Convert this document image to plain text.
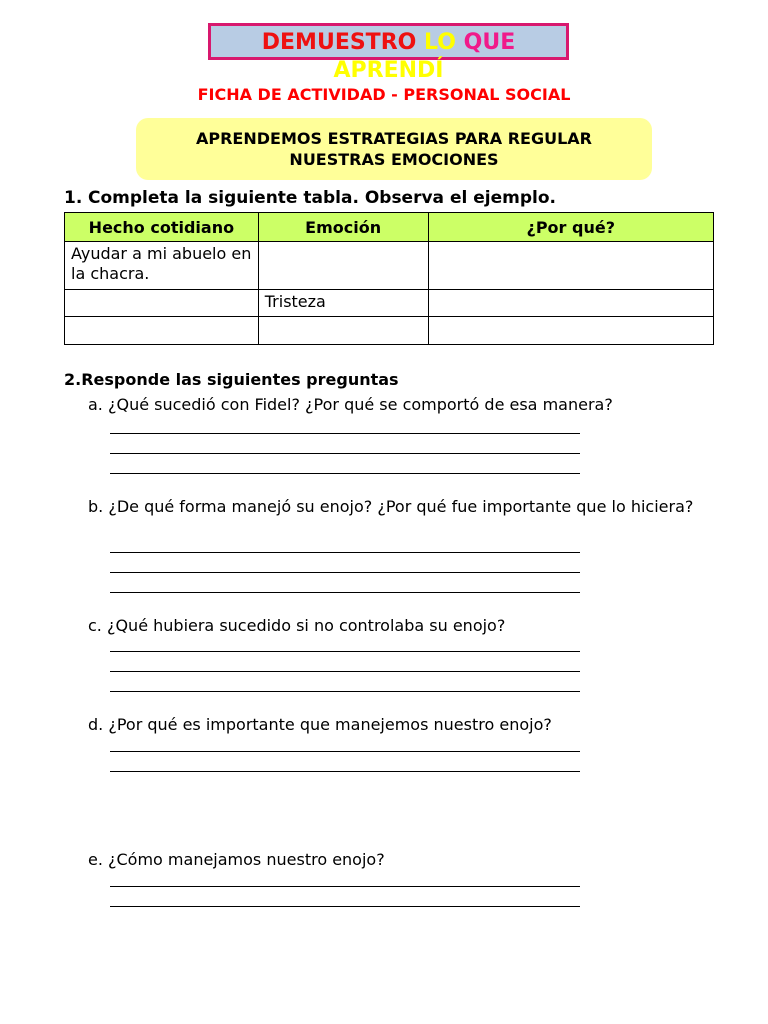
DEMUESTRO LO QUE
APRENDÍ
FICHA DE ACTIVIDAD - PERSONAL SOCIAL
APRENDEMOS ESTRATEGIAS PARA REGULAR
NUESTRAS EMOCIONES
1. Completa la siguiente tabla. Observa el ejemplo.
Hecho cotidiano	Emoción	¿Por qué?
Ayudar a mi abuelo en la chacra.		
	Tristeza	

2.Responde las siguientes preguntas
a. ¿Qué sucedió con Fidel? ¿Por qué se comportó de esa manera?
b. ¿De qué forma manejó su enojo? ¿Por qué fue importante que lo hiciera?
c. ¿Qué hubiera sucedido si no controlaba su enojo?
d. ¿Por qué es importante que manejemos nuestro enojo?
e. ¿Cómo manejamos nuestro enojo?
